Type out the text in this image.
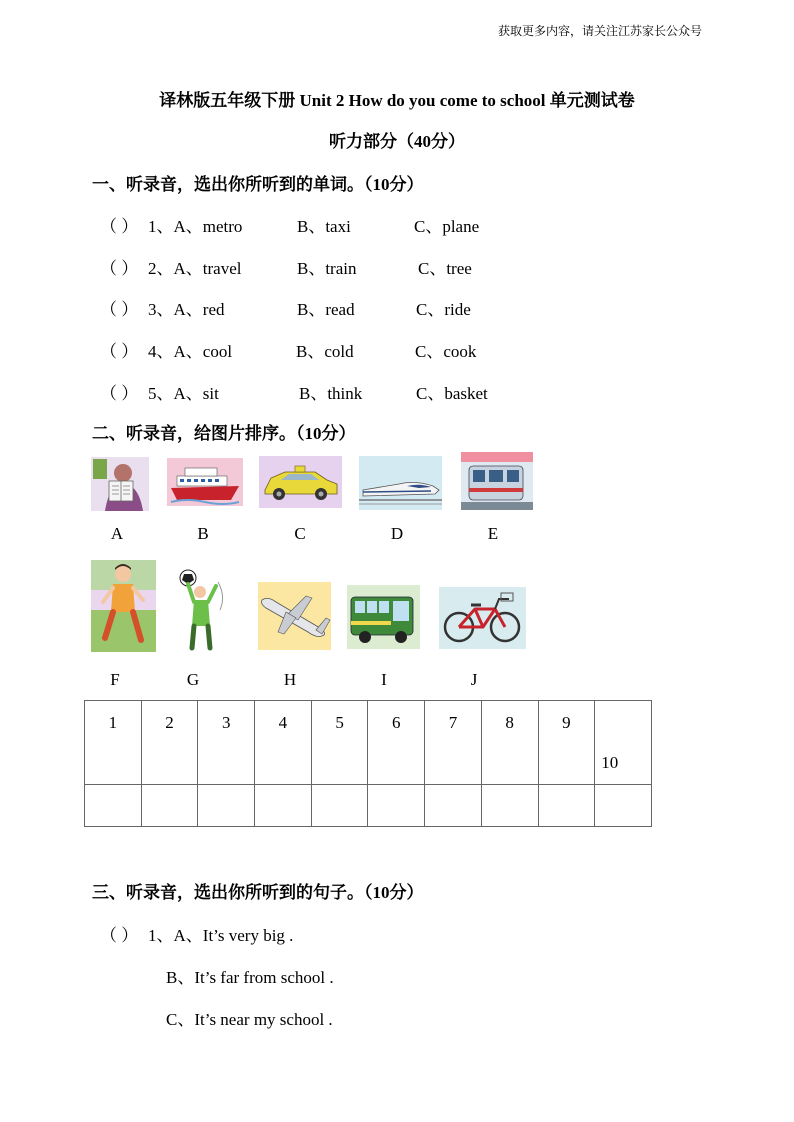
获取更多内容，请关注江苏家长公众号
译林版五年级下册 Unit 2 How do you come to school 单元测试卷
听力部分（40分）
一、听录音，选出你所听到的单词。（10分）
（ ） 1、A、metro	B、taxi	C、plane
（ ） 2、A、travel	B、train	C、tree
（ ） 3、A、red	B、read	C、ride
（ ） 4、A、cool	B、cold	C、cook
（ ） 5、A、sit	B、think	C、basket
二、听录音，给图片排序。（10分）
A	B	C	D	E
F	G	H	I	J
1	2	3	4	5	6	7	8	9	10

三、听录音，选出你所听到的句子。（10分）
（ ） 1、A、It’s very big .
B、It’s far from school .
C、It’s near my school .
